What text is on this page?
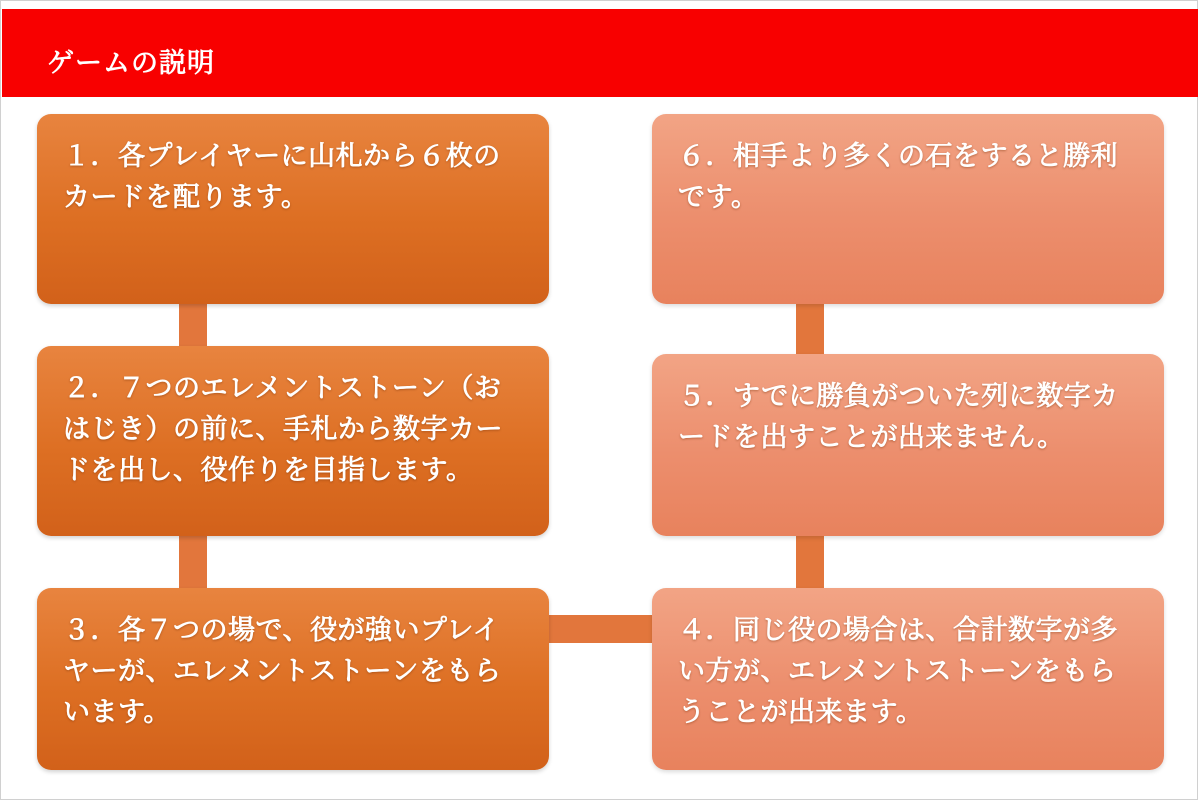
ゲームの説明
１．各プレイヤーに山札から６枚のカードを配ります。
２．７つのエレメントストーン（おはじき）の前に、手札から数字カードを出し、役作りを目指します。
３．各７つの場で、役が強いプレイヤーが、エレメントストーンをもらいます。
４．同じ役の場合は、合計数字が多い方が、エレメントストーンをもらうことが出来ます。
５．すでに勝負がついた列に数字カードを出すことが出来ません。
６．相手より多くの石をすると勝利です。
